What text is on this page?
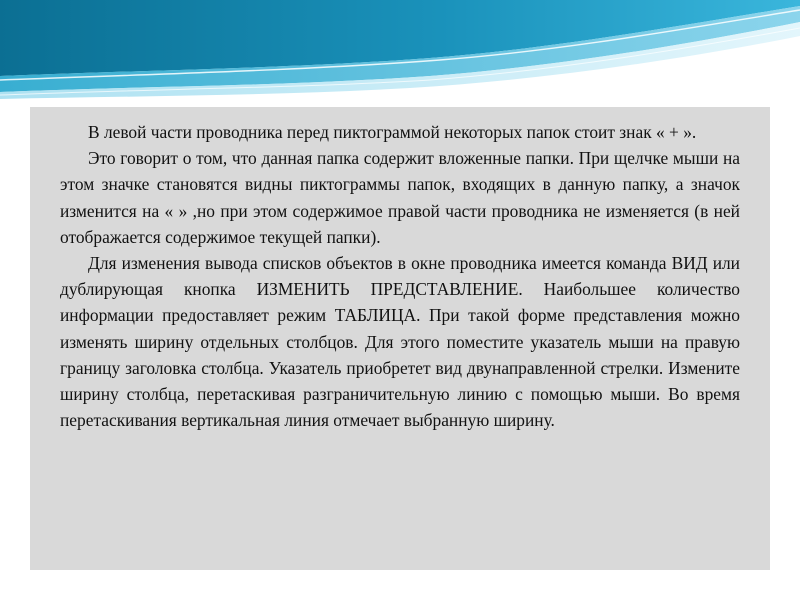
В левой части проводника перед пиктограммой некоторых папок стоит знак « + ».

Это говорит о том, что данная папка содержит вложенные папки. При щелчке мыши на этом значке становятся видны пиктограммы папок, входящих в данную папку, а значок изменится на « » ,но при этом содержимое правой части проводника не изменяется (в ней отображается содержимое текущей папки).

Для изменения вывода списков объектов в окне проводника имеется команда ВИД или дублирующая кнопка ИЗМЕНИТЬ ПРЕДСТАВЛЕНИЕ. Наибольшее количество информации предоставляет режим ТАБЛИЦА. При такой форме представления можно изменять ширину отдельных столбцов. Для этого поместите указатель мыши на правую границу заголовка столбца. Указатель приобретет вид двунаправленной стрелки. Измените ширину столбца, перетаскивая разграничительную линию с помощью мыши. Во время перетаскивания вертикальная линия отмечает выбранную ширину.
